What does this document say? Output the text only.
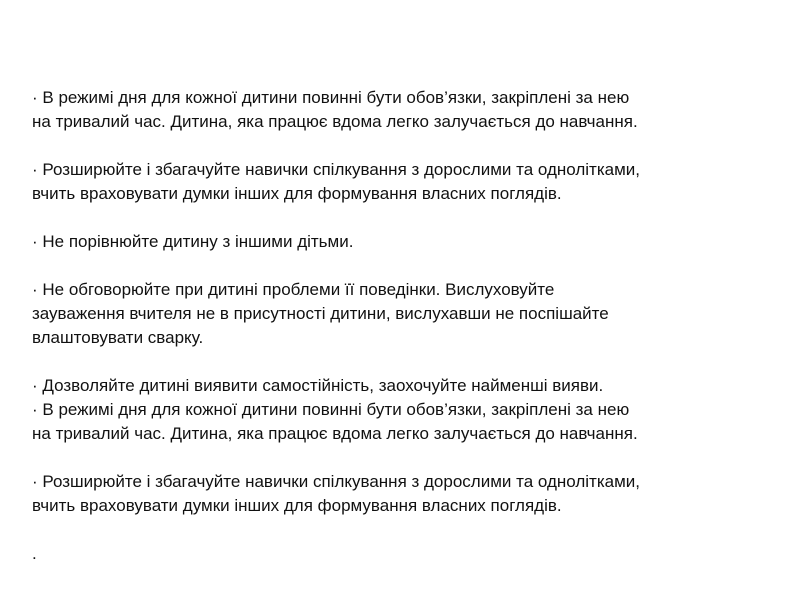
· В режимі дня для кожної дитини повинні бути обов’язки, закріплені за нею
на тривалий час. Дитина, яка працює вдома легко залучається до навчання.

· Розширюйте і збагачуйте навички спілкування з дорослими та однолітками,
вчить враховувати думки інших для формування власних поглядів.

· Не порівнюйте дитину з іншими дітьми.

· Не обговорюйте при дитині проблеми її поведінки. Вислуховуйте
зауваження вчителя не в присутності дитини, вислухавши не поспішайте
влаштовувати сварку.

· Дозволяйте дитині виявити самостійність, заохочуйте найменші вияви.
· В режимі дня для кожної дитини повинні бути обов’язки, закріплені за нею
на тривалий час. Дитина, яка працює вдома легко залучається до навчання.

· Розширюйте і збагачуйте навички спілкування з дорослими та однолітками,
вчить враховувати думки інших для формування власних поглядів.

.
